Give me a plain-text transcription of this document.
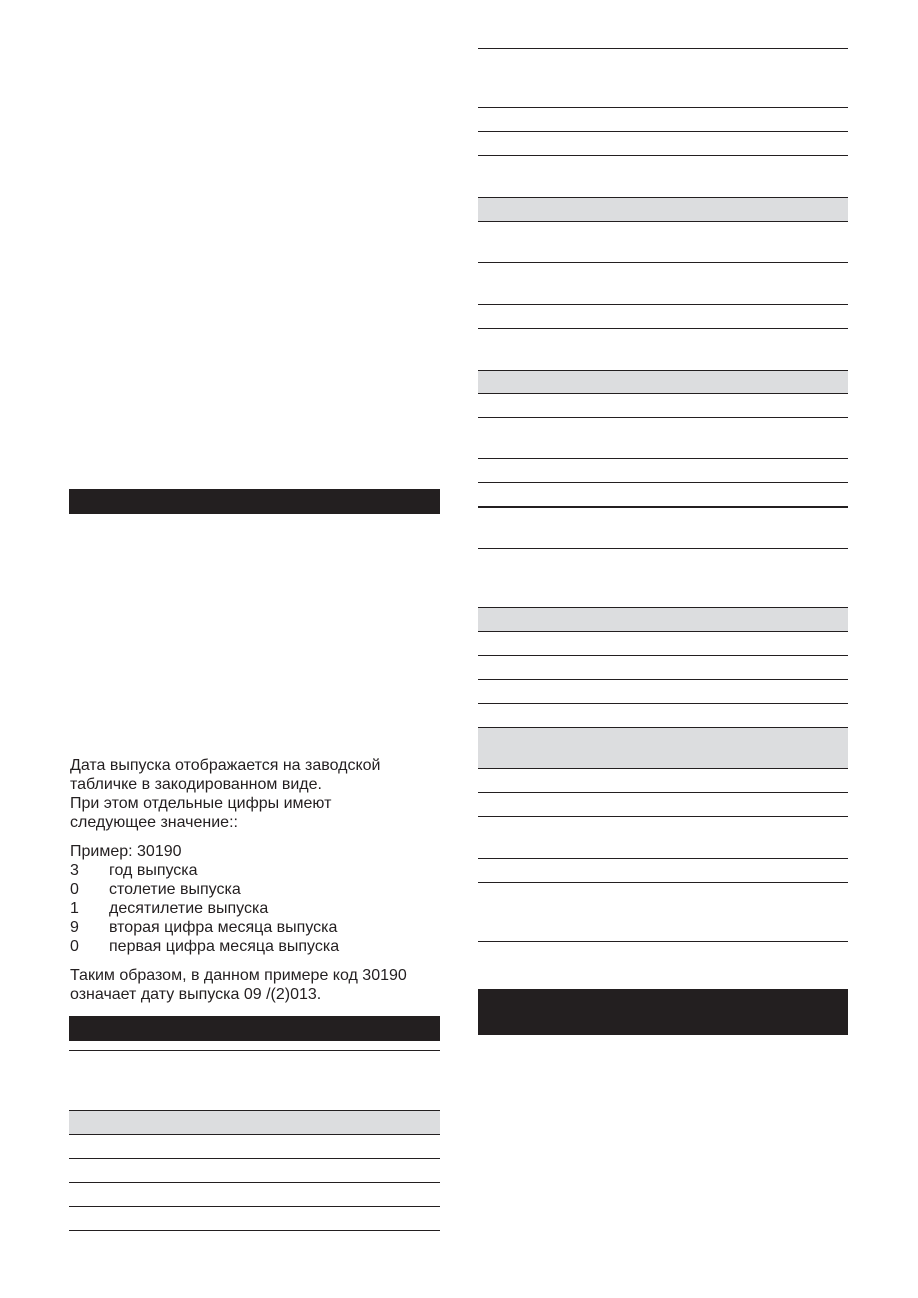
Дата выпуска отображается на заводской
табличке в закодированном виде.
При этом отдельные цифры имеют
следующее значение::
Пример: 30190
3 год выпуска
0 столетие выпуска
1 десятилетие выпуска
9 вторая цифра месяца выпуска
0 первая цифра месяца выпуска
Таким образом, в данном примере код 30190
означает дату выпуска 09 /(2)013.
